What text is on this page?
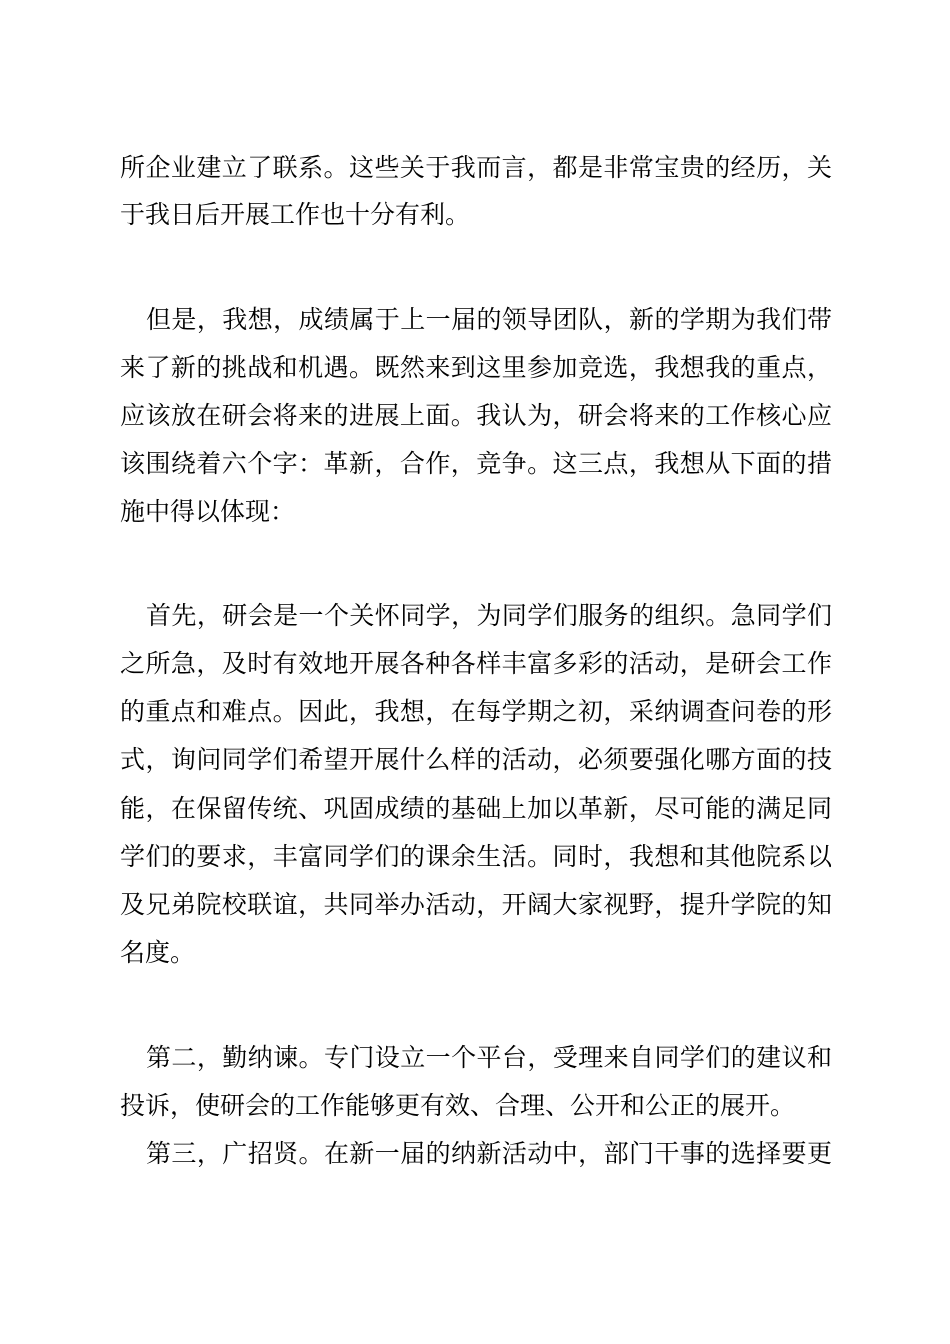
所企业建立了联系。这些关于我而言，都是非常宝贵的经历，关
于我日后开展工作也十分有利。
但是，我想，成绩属于上一届的领导团队，新的学期为我们带
来了新的挑战和机遇。既然来到这里参加竞选，我想我的重点，
应该放在研会将来的进展上面。我认为，研会将来的工作核心应
该围绕着六个字：革新，合作，竞争。这三点，我想从下面的措
施中得以体现：
首先，研会是一个关怀同学，为同学们服务的组织。急同学们
之所急，及时有效地开展各种各样丰富多彩的活动，是研会工作
的重点和难点。因此，我想，在每学期之初，采纳调查问卷的形
式，询问同学们希望开展什么样的活动，必须要强化哪方面的技
能，在保留传统、巩固成绩的基础上加以革新，尽可能的满足同
学们的要求，丰富同学们的课余生活。同时，我想和其他院系以
及兄弟院校联谊，共同举办活动，开阔大家视野，提升学院的知
名度。
第二，勤纳谏。专门设立一个平台，受理来自同学们的建议和
投诉，使研会的工作能够更有效、合理、公开和公正的展开。
第三，广招贤。在新一届的纳新活动中，部门干事的选择要更
